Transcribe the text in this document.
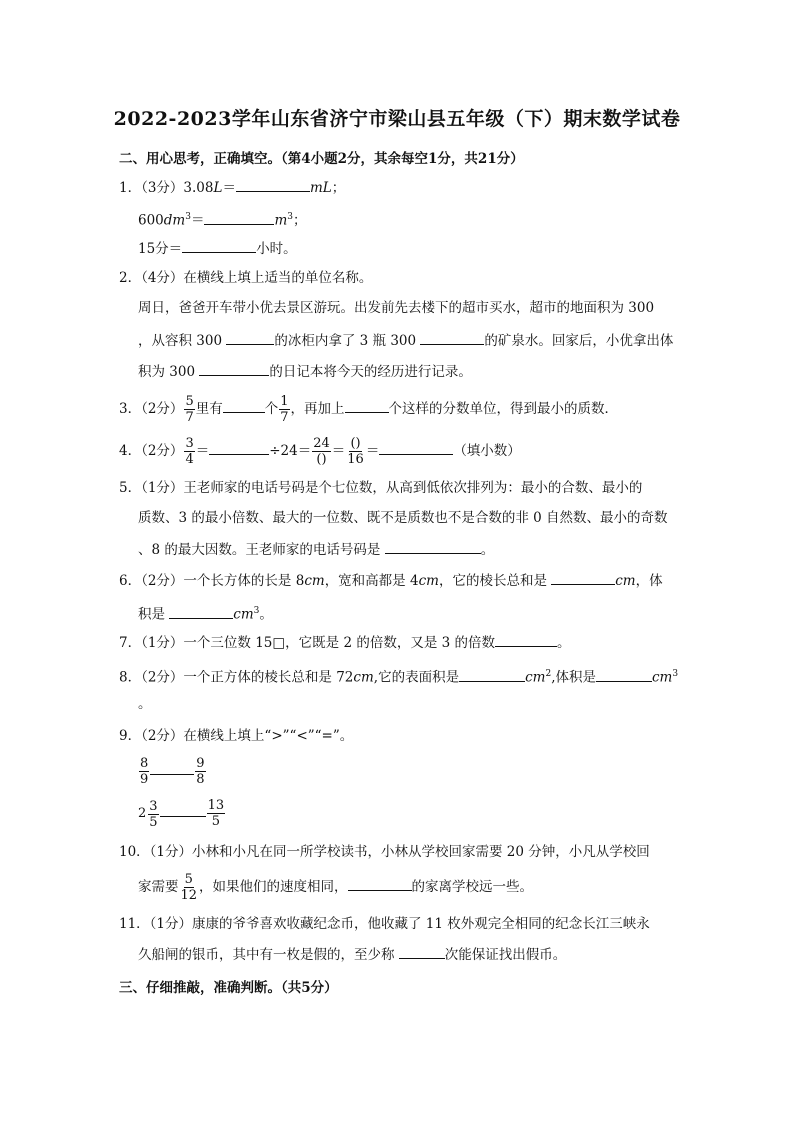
2022-2023学年山东省济宁市梁山县五年级（下）期末数学试卷
二、用心思考，正确填空。（第4小题2分，其余每空1分，共21分）
1．（3分）3.08L＝	mL；
$600dm^3=$	$m^3$；
15分＝	小时。
2．（4分）在横线上填上适当的单位名称。
周日，爸爸开车带小优去景区游玩。出发前先去楼下的超市买水，超市的地面积为 300
，从容积 300	的冰柜内拿了 3 瓶 300	的矿泉水。回家后，小优拿出体
积为 300	的日记本将今天的经历进行记录。
3．（2分） $\frac{5}{7}$ 里有	个 $\frac{1}{7}$ ，再加上	个这样的分数单位，得到最小的质数．
4．（2分） $\frac{3}{4}$ ＝	÷24＝ 24
()
＝ ()
16
＝	（填小数）
5．（1分）王老师家的电话号码是个七位数，从高到低依次排列为：最小的合数、最小的
质数、3 的最小倍数、最大的一位数、既不是质数也不是合数的非 0 自然数、最小的奇数
、8 的最大因数。王老师家的电话号码是	。
6．（2分）一个长方体的长是 8cm，宽和高都是 4cm，它的棱长总和是	cm，体
积是	$cm^3$。
7．（1分）一个三位数 15□，它既是 2 的倍数，又是 3 的倍数	。
8．（2分）一个正方体的棱长总和是 72cm,它的表面积是	$cm^2$,体积是	$cm^3$
。
9．（2分）在横线上填上“>”“<”“=”。
$\frac{8}{9}$	$\frac{9}{8}$
2 3
5	$\frac{13}{5}$
10．（1分）小林和小凡在同一所学校读书，小林从学校回家需要 20 分钟，小凡从学校回
家需要 $\frac{5}{12}$ ，如果他们的速度相同，	的家离学校远一些。
11．（1分）康康的爷爷喜欢收藏纪念币，他收藏了 11 枚外观完全相同的纪念长江三峡永
久船闸的银币，其中有一枚是假的，至少称	次能保证找出假币。
三、仔细推敲，准确判断。（共5分）
